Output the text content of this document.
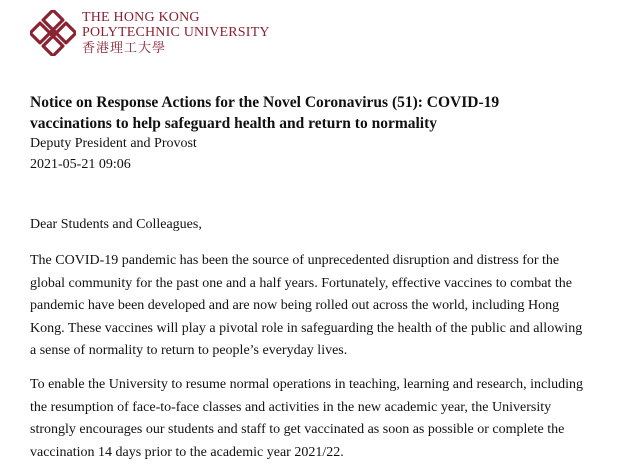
THE HONG KONG
POLYTECHNIC UNIVERSITY
香港理工大學
Notice on Response Actions for the Novel Coronavirus (51): COVID-19
vaccinations to help safeguard health and return to normality
Deputy President and Provost
2021-05-21 09:06
Dear Students and Colleagues,

The COVID-19 pandemic has been the source of unprecedented disruption and distress for the
global community for the past one and a half years. Fortunately, effective vaccines to combat the
pandemic have been developed and are now being rolled out across the world, including Hong
Kong. These vaccines will play a pivotal role in safeguarding the health of the public and allowing
a sense of normality to return to people’s everyday lives.

To enable the University to resume normal operations in teaching, learning and research, including
the resumption of face-to-face classes and activities in the new academic year, the University
strongly encourages our students and staff to get vaccinated as soon as possible or complete the
vaccination 14 days prior to the academic year 2021/22.
